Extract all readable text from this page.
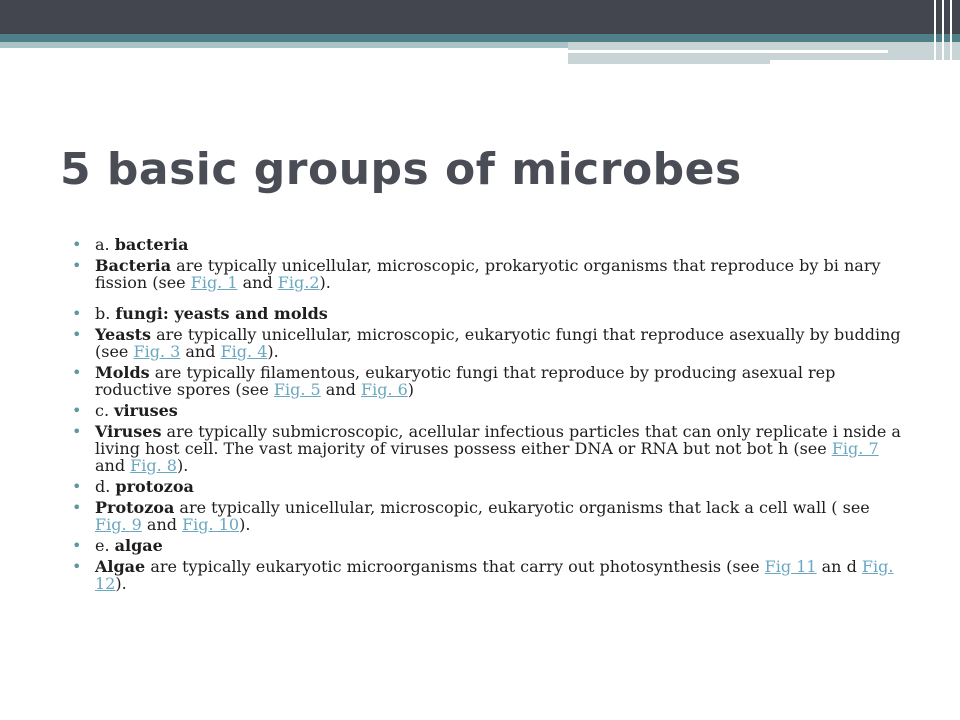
5 basic groups of microbes
• a. bacteria
• Bacteria are typically unicellular, microscopic, prokaryotic organisms that reproduce by bi nary fission (see Fig. 1 and Fig.2).
• b. fungi: yeasts and molds
• Yeasts are typically unicellular, microscopic, eukaryotic fungi that reproduce asexually by budding (see Fig. 3 and Fig. 4).
• Molds are typically filamentous, eukaryotic fungi that reproduce by producing asexual rep roductive spores (see Fig. 5 and Fig. 6)
• c. viruses
• Viruses are typically submicroscopic, acellular infectious particles that can only replicate i nside a living host cell. The vast majority of viruses possess either DNA or RNA but not bot h (see Fig. 7 and Fig. 8).
• d. protozoa
• Protozoa are typically unicellular, microscopic, eukaryotic organisms that lack a cell wall ( see Fig. 9 and Fig. 10).
• e. algae
• Algae are typically eukaryotic microorganisms that carry out photosynthesis (see Fig 11 an d Fig. 12).
